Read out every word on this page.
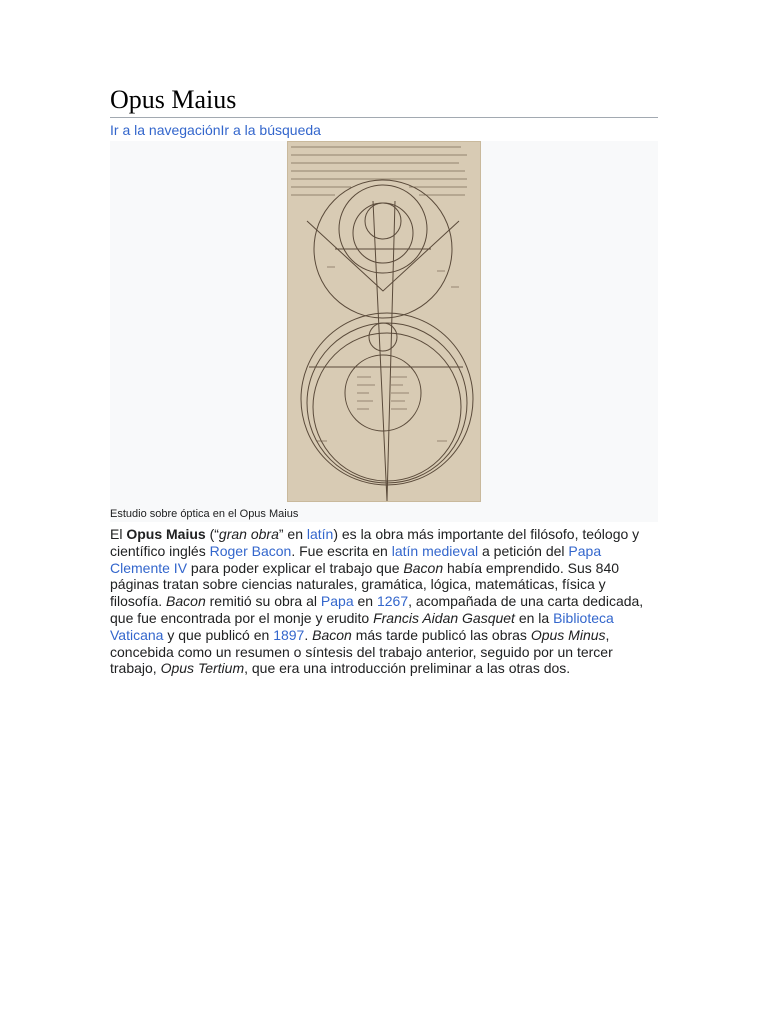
Opus Maius
Ir a la navegaciónIr a la búsqueda
Estudio sobre óptica en el Opus Maius

El Opus Maius (“gran obra” en latín) es la obra más importante del filósofo, teólogo y científico inglés Roger Bacon. Fue escrita en latín medieval a petición del Papa Clemente IV para poder explicar el trabajo que Bacon había emprendido. Sus 840 páginas tratan sobre ciencias naturales, gramática, lógica, matemáticas, física y filosofía. Bacon remitió su obra al Papa en 1267, acompañada de una carta dedicada, que fue encontrada por el monje y erudito Francis Aidan Gasquet en la Biblioteca Vaticana y que publicó en 1897. Bacon más tarde publicó las obras Opus Minus, concebida como un resumen o síntesis del trabajo anterior, seguido por un tercer trabajo, Opus Tertium, que era una introducción preliminar a las otras dos.
